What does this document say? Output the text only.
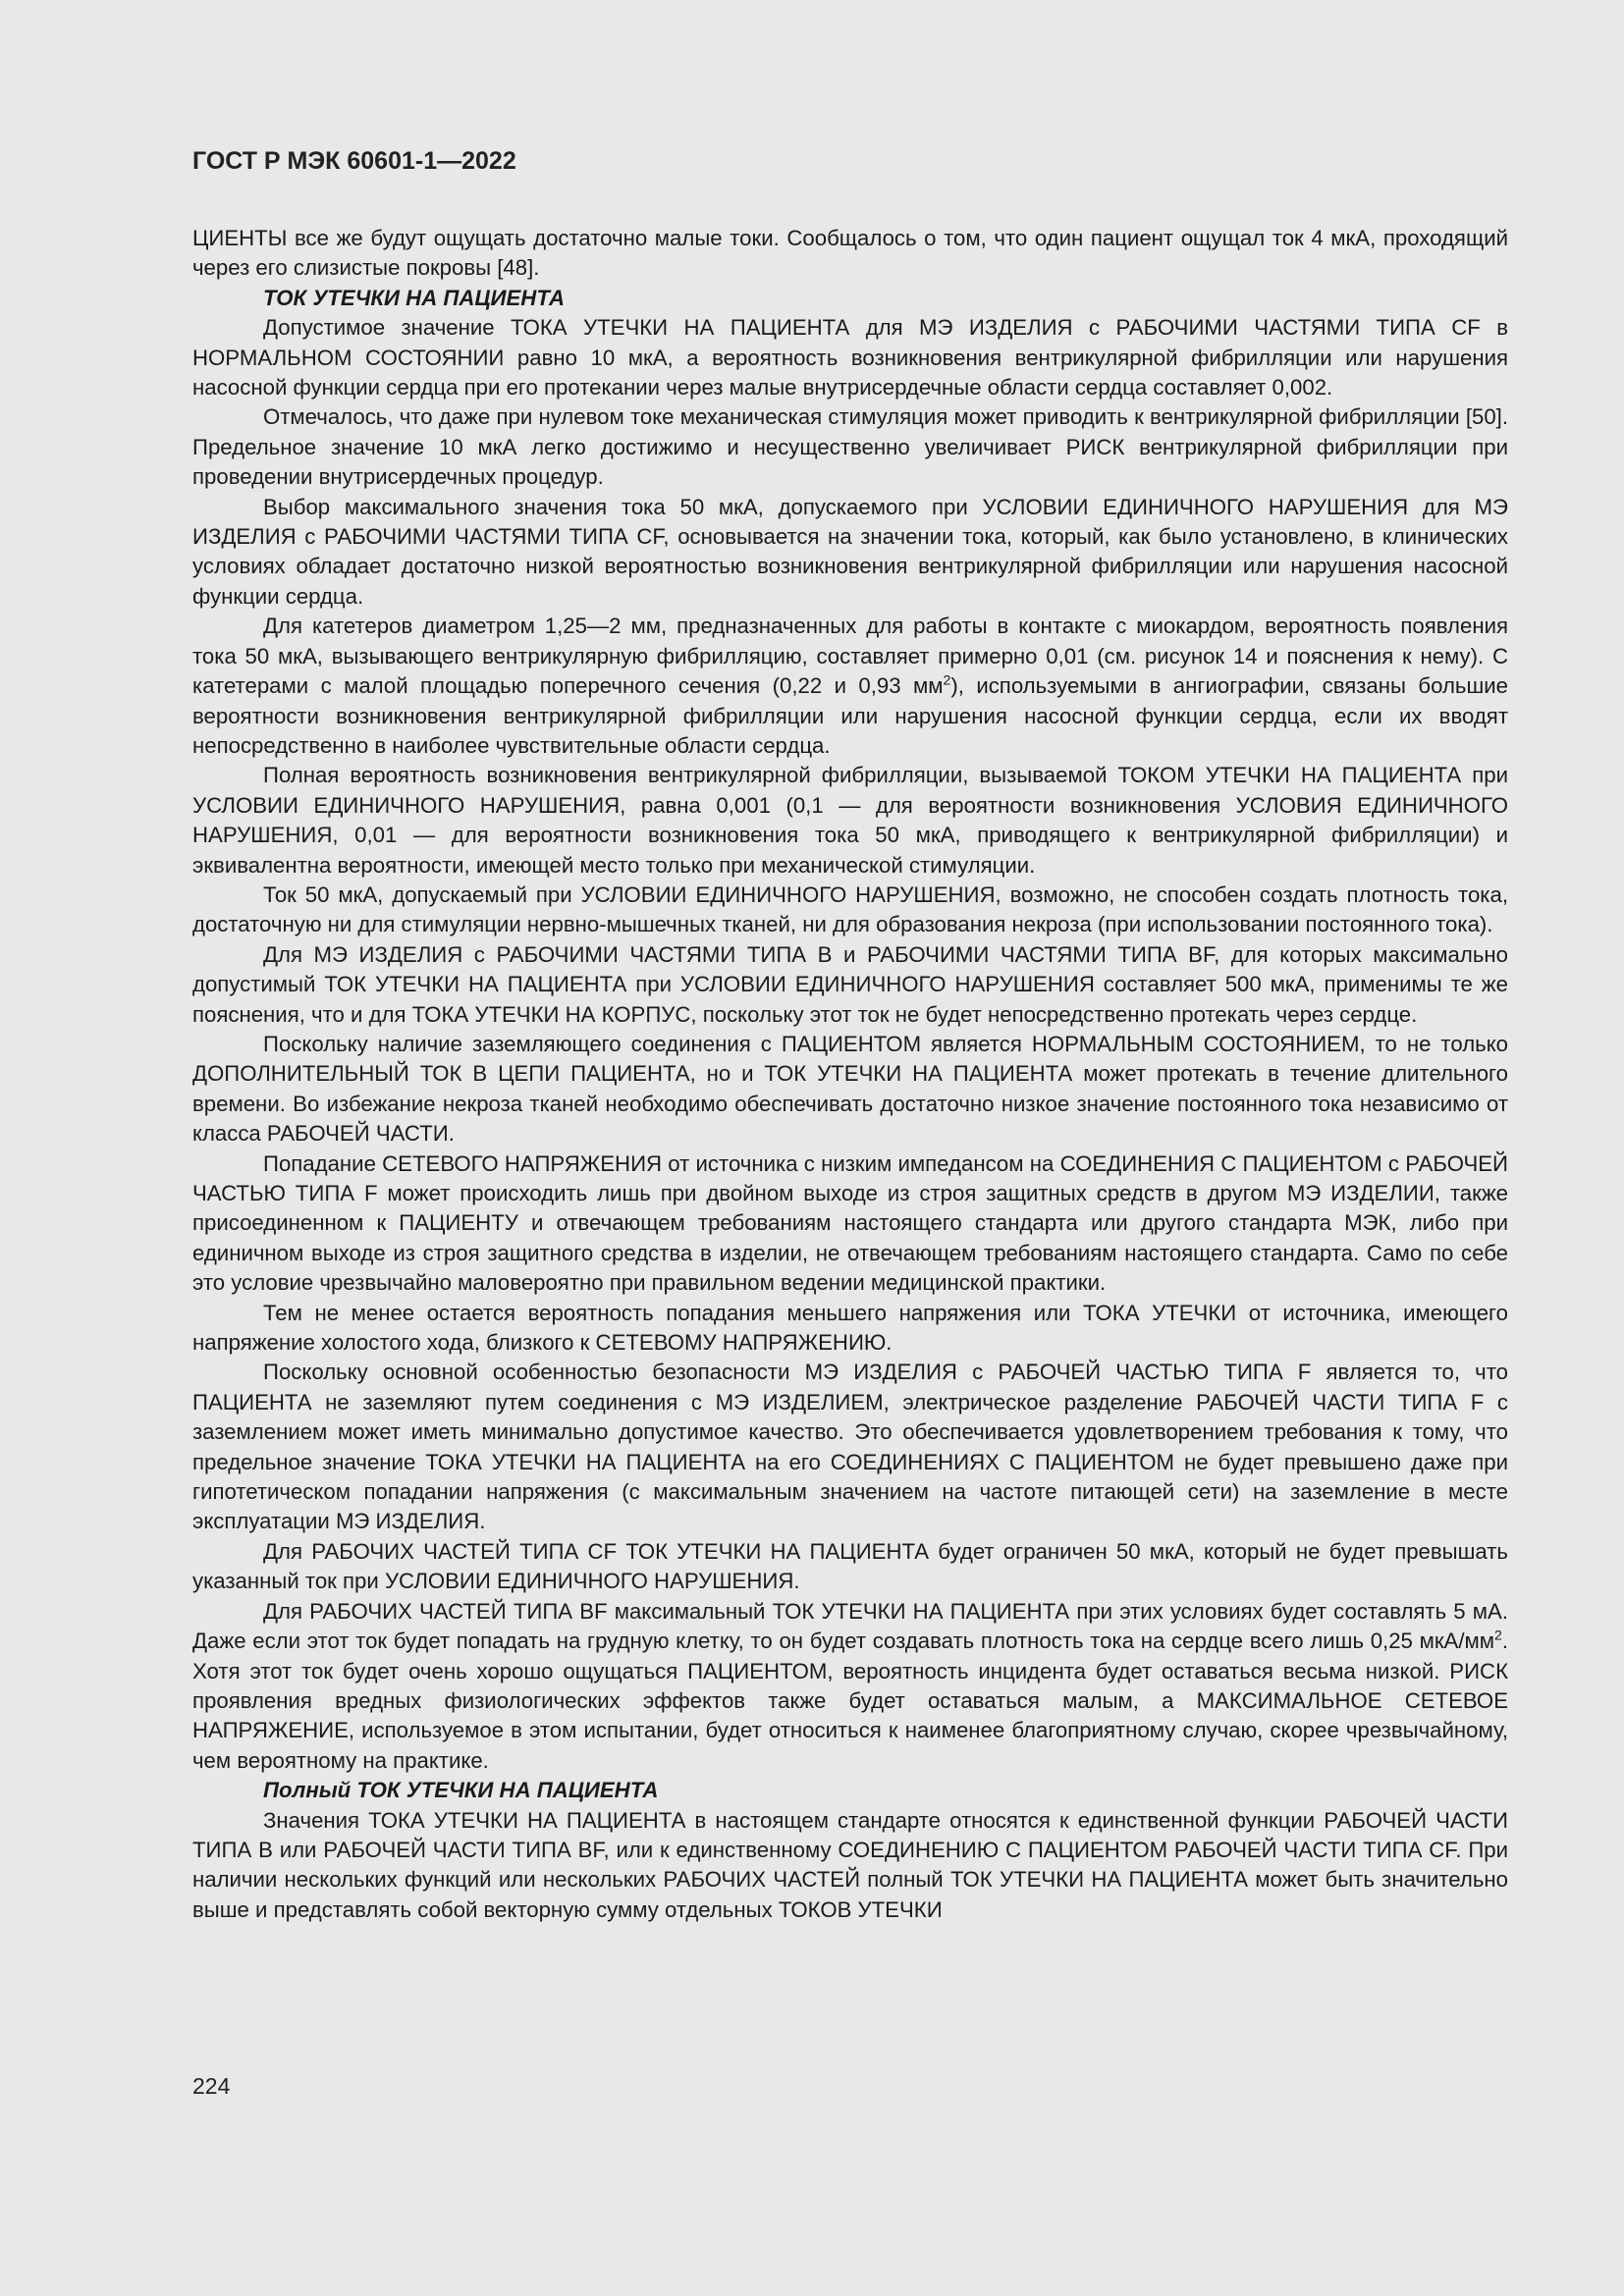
ГОСТ Р МЭК 60601-1—2022

ЦИЕНТЫ все же будут ощущать достаточно малые токи. Сообщалось о том, что один пациент ощущал ток 4 мкА, проходящий через его слизистые покровы [48].

ТОК УТЕЧКИ НА ПАЦИЕНТА

Допустимое значение ТОКА УТЕЧКИ НА ПАЦИЕНТА для МЭ ИЗДЕЛИЯ с РАБОЧИМИ ЧАСТЯМИ ТИПА CF в НОРМАЛЬНОМ СОСТОЯНИИ равно 10 мкА, а вероятность возникновения вентрикулярной фибрилляции или нарушения насосной функции сердца при его протекании через малые внутрисердечные области сердца составляет 0,002.

Отмечалось, что даже при нулевом токе механическая стимуляция может приводить к вентрикулярной фибрилляции [50]. Предельное значение 10 мкА легко достижимо и несущественно увеличивает РИСК вентрикулярной фибрилляции при проведении внутрисердечных процедур.

Выбор максимального значения тока 50 мкА, допускаемого при УСЛОВИИ ЕДИНИЧНОГО НАРУШЕНИЯ для МЭ ИЗДЕЛИЯ с РАБОЧИМИ ЧАСТЯМИ ТИПА CF, основывается на значении тока, который, как было установлено, в клинических условиях обладает достаточно низкой вероятностью возникновения вентрикулярной фибрилляции или нарушения насосной функции сердца.

Для катетеров диаметром 1,25—2 мм, предназначенных для работы в контакте с миокардом, вероятность появления тока 50 мкА, вызывающего вентрикулярную фибрилляцию, составляет примерно 0,01 (см. рисунок 14 и пояснения к нему). С катетерами с малой площадью поперечного сечения (0,22 и 0,93 $мм^2$), используемыми в ангиографии, связаны большие вероятности возникновения вентрикулярной фибрилляции или нарушения насосной функции сердца, если их вводят непосредственно в наиболее чувствительные области сердца.

Полная вероятность возникновения вентрикулярной фибрилляции, вызываемой ТОКОМ УТЕЧКИ НА ПАЦИЕНТА при УСЛОВИИ ЕДИНИЧНОГО НАРУШЕНИЯ, равна 0,001 (0,1 — для вероятности возникновения УСЛОВИЯ ЕДИНИЧНОГО НАРУШЕНИЯ, 0,01 — для вероятности возникновения тока 50 мкА, приводящего к вентрикулярной фибрилляции) и эквивалентна вероятности, имеющей место только при механической стимуляции.

Ток 50 мкА, допускаемый при УСЛОВИИ ЕДИНИЧНОГО НАРУШЕНИЯ, возможно, не способен создать плотность тока, достаточную ни для стимуляции нервно-мышечных тканей, ни для образования некроза (при использовании постоянного тока).

Для МЭ ИЗДЕЛИЯ с РАБОЧИМИ ЧАСТЯМИ ТИПА В и РАБОЧИМИ ЧАСТЯМИ ТИПА BF, для которых максимально допустимый ТОК УТЕЧКИ НА ПАЦИЕНТА при УСЛОВИИ ЕДИНИЧНОГО НАРУШЕНИЯ составляет 500 мкА, применимы те же пояснения, что и для ТОКА УТЕЧКИ НА КОРПУС, поскольку этот ток не будет непосредственно протекать через сердце.

Поскольку наличие заземляющего соединения с ПАЦИЕНТОМ является НОРМАЛЬНЫМ СОСТОЯНИЕМ, то не только ДОПОЛНИТЕЛЬНЫЙ ТОК В ЦЕПИ ПАЦИЕНТА, но и ТОК УТЕЧКИ НА ПАЦИЕНТА может протекать в течение длительного времени. Во избежание некроза тканей необходимо обеспечивать достаточно низкое значение постоянного тока независимо от класса РАБОЧЕЙ ЧАСТИ.

Попадание СЕТЕВОГО НАПРЯЖЕНИЯ от источника с низким импедансом на СОЕДИНЕНИЯ С ПАЦИЕНТОМ с РАБОЧЕЙ ЧАСТЬЮ ТИПА F может происходить лишь при двойном выходе из строя защитных средств в другом МЭ ИЗДЕЛИИ, также присоединенном к ПАЦИЕНТУ и отвечающем требованиям настоящего стандарта или другого стандарта МЭК, либо при единичном выходе из строя защитного средства в изделии, не отвечающем требованиям настоящего стандарта. Само по себе это условие чрезвычайно маловероятно при правильном ведении медицинской практики.

Тем не менее остается вероятность попадания меньшего напряжения или ТОКА УТЕЧКИ от источника, имеющего напряжение холостого хода, близкого к СЕТЕВОМУ НАПРЯЖЕНИЮ.

Поскольку основной особенностью безопасности МЭ ИЗДЕЛИЯ с РАБОЧЕЙ ЧАСТЬЮ ТИПА F является то, что ПАЦИЕНТА не заземляют путем соединения с МЭ ИЗДЕЛИЕМ, электрическое разделение РАБОЧЕЙ ЧАСТИ ТИПА F с заземлением может иметь минимально допустимое качество. Это обеспечивается удовлетворением требования к тому, что предельное значение ТОКА УТЕЧКИ НА ПАЦИЕНТА на его СОЕДИНЕНИЯХ С ПАЦИЕНТОМ не будет превышено даже при гипотетическом попадании напряжения (с максимальным значением на частоте питающей сети) на заземление в месте эксплуатации МЭ ИЗДЕЛИЯ.

Для РАБОЧИХ ЧАСТЕЙ ТИПА CF ТОК УТЕЧКИ НА ПАЦИЕНТА будет ограничен 50 мкА, который не будет превышать указанный ток при УСЛОВИИ ЕДИНИЧНОГО НАРУШЕНИЯ.

Для РАБОЧИХ ЧАСТЕЙ ТИПА BF максимальный ТОК УТЕЧКИ НА ПАЦИЕНТА при этих условиях будет составлять 5 мА. Даже если этот ток будет попадать на грудную клетку, то он будет создавать плотность тока на сердце всего лишь 0,25 мкА/$мм^2$. Хотя этот ток будет очень хорошо ощущаться ПАЦИЕНТОМ, вероятность инцидента будет оставаться весьма низкой. РИСК проявления вредных физиологических эффектов также будет оставаться малым, а МАКСИМАЛЬНОЕ СЕТЕВОЕ НАПРЯЖЕНИЕ, используемое в этом испытании, будет относиться к наименее благоприятному случаю, скорее чрезвычайному, чем вероятному на практике.

Полный ТОК УТЕЧКИ НА ПАЦИЕНТА

Значения ТОКА УТЕЧКИ НА ПАЦИЕНТА в настоящем стандарте относятся к единственной функции РАБОЧЕЙ ЧАСТИ ТИПА В или РАБОЧЕЙ ЧАСТИ ТИПА BF, или к единственному СОЕДИНЕНИЮ С ПАЦИЕНТОМ РАБОЧЕЙ ЧАСТИ ТИПА CF. При наличии нескольких функций или нескольких РАБОЧИХ ЧАСТЕЙ полный ТОК УТЕЧКИ НА ПАЦИЕНТА может быть значительно выше и представлять собой векторную сумму отдельных ТОКОВ УТЕЧКИ

224
